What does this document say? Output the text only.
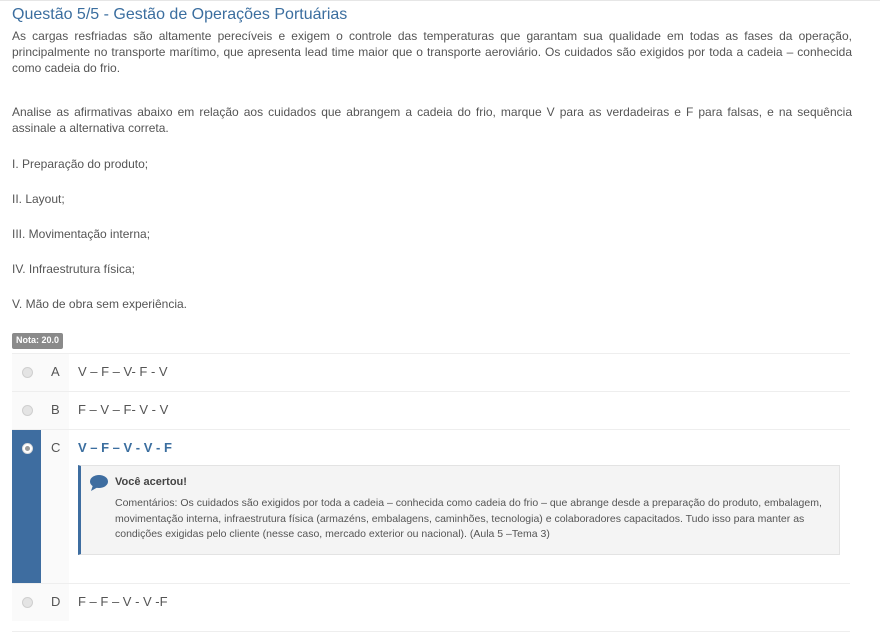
Questão 5/5 - Gestão de Operações Portuárias
As cargas resfriadas são altamente perecíveis e exigem o controle das temperaturas que garantam sua qualidade em todas as fases da operação, principalmente no transporte marítimo, que apresenta lead time maior que o transporte aeroviário. Os cuidados são exigidos por toda a cadeia – conhecida como cadeia do frio.
Analise as afirmativas abaixo em relação aos cuidados que abrangem a cadeia do frio, marque V para as verdadeiras e F para falsas, e na sequência assinale a alternativa correta.
I. Preparação do produto;
II. Layout;
III. Movimentação interna;
IV. Infraestrutura física;
V. Mão de obra sem experiência.
Nota: 20.0
A V – F – V- F - V
B F – V – F- V - V
C V – F – V - V - F
Você acertou!
Comentários: Os cuidados são exigidos por toda a cadeia – conhecida como cadeia do frio – que abrange desde a preparação do produto, embalagem, movimentação interna, infraestrutura física (armazéns, embalagens, caminhões, tecnologia) e colaboradores capacitados. Tudo isso para manter as condições exigidas pelo cliente (nesse caso, mercado exterior ou nacional). (Aula 5 –Tema 3)
D F – F – V - V -F
